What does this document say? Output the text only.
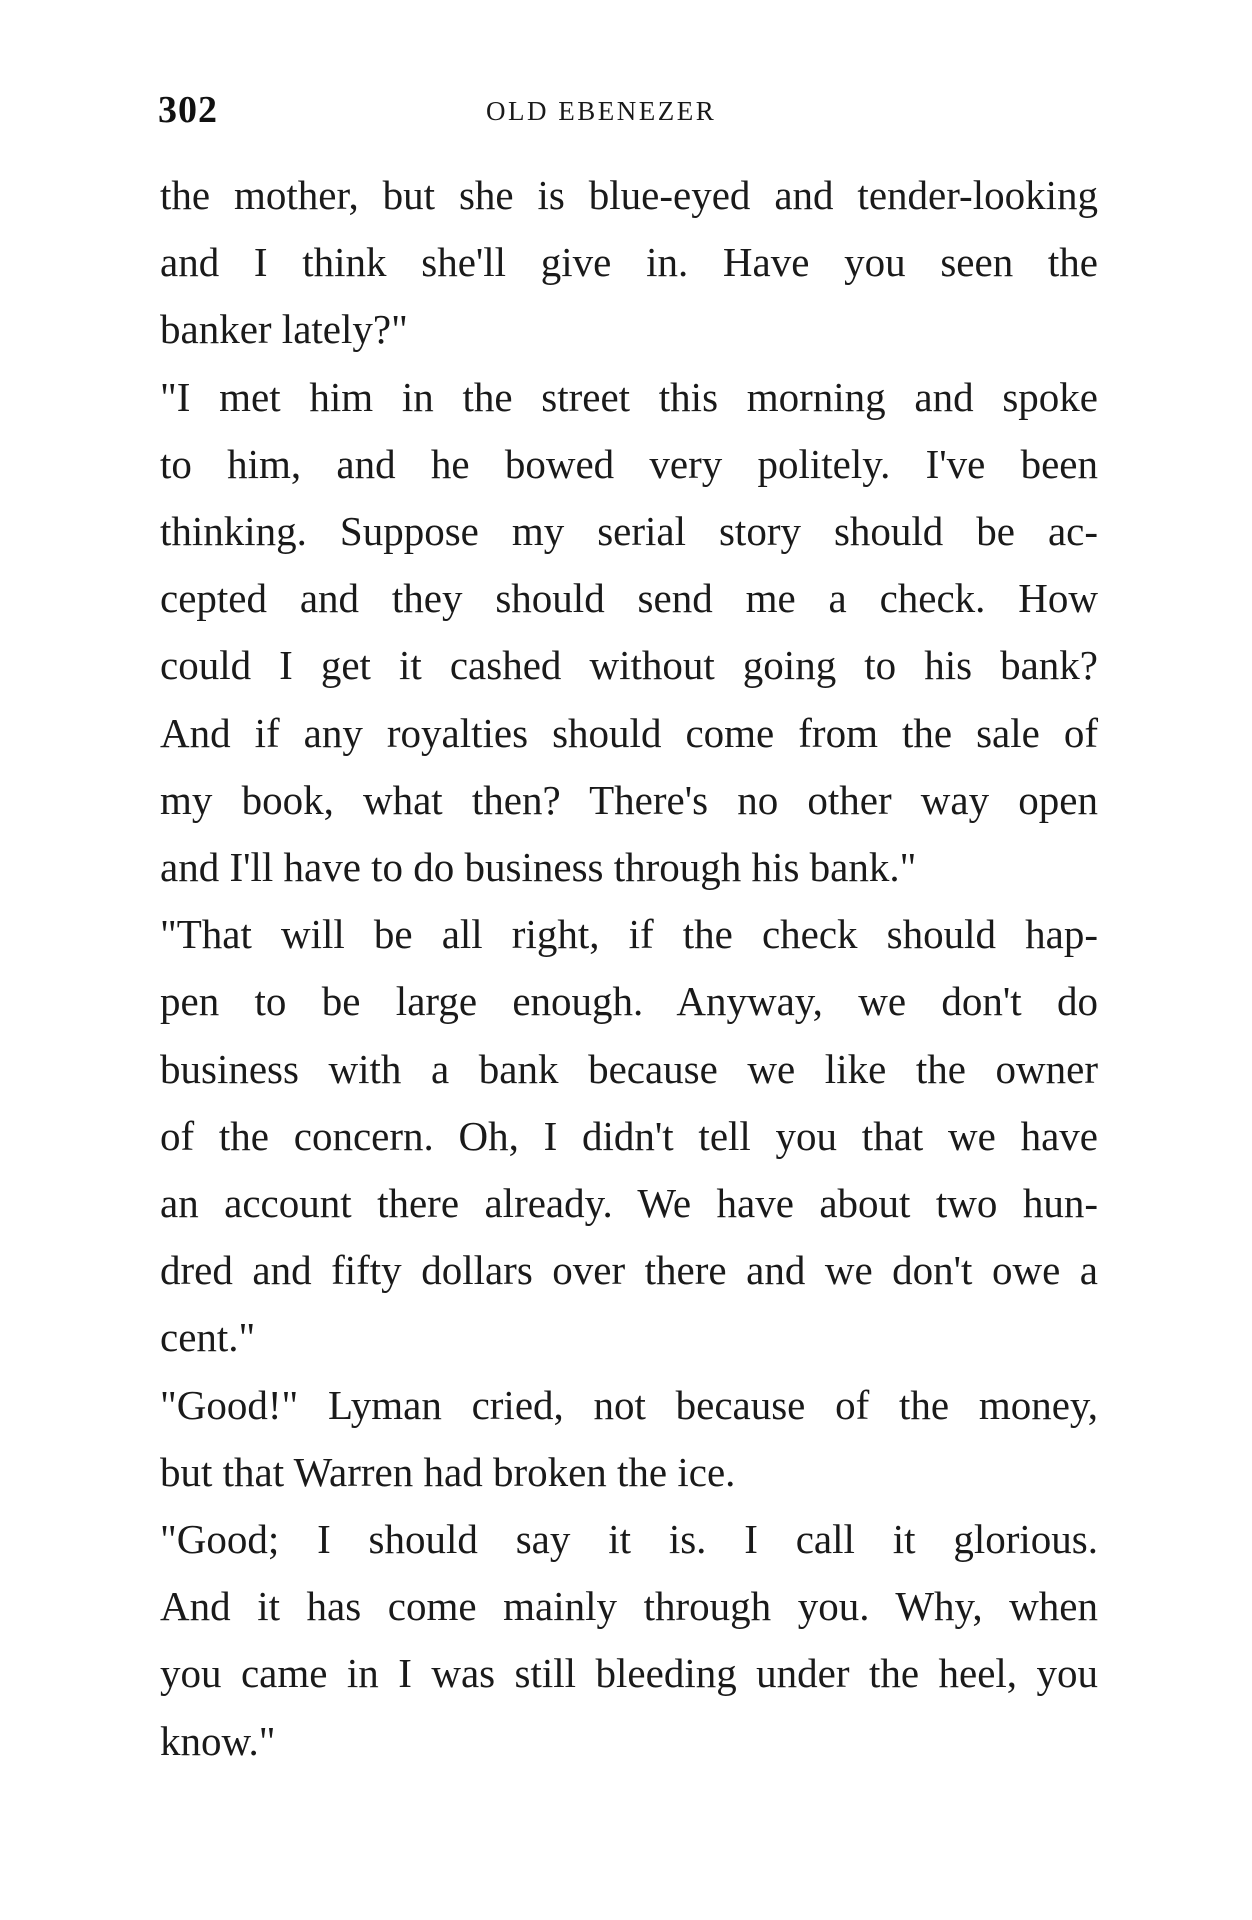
302	OLD EBENEZER
the mother, but she is blue-eyed and tender-looking
and I think she'll give in. Have you seen the
banker lately?"
"I met him in the street this morning and spoke
to him, and he bowed very politely. I've been
thinking. Suppose my serial story should be ac-
cepted and they should send me a check. How
could I get it cashed without going to his bank?
And if any royalties should come from the sale of
my book, what then? There's no other way open
and I'll have to do business through his bank."
"That will be all right, if the check should hap-
pen to be large enough. Anyway, we don't do
business with a bank because we like the owner
of the concern. Oh, I didn't tell you that we have
an account there already. We have about two hun-
dred and fifty dollars over there and we don't owe a
cent."
"Good!" Lyman cried, not because of the money,
but that Warren had broken the ice.
"Good; I should say it is. I call it glorious.
And it has come mainly through you. Why, when
you came in I was still bleeding under the heel, you
know."
